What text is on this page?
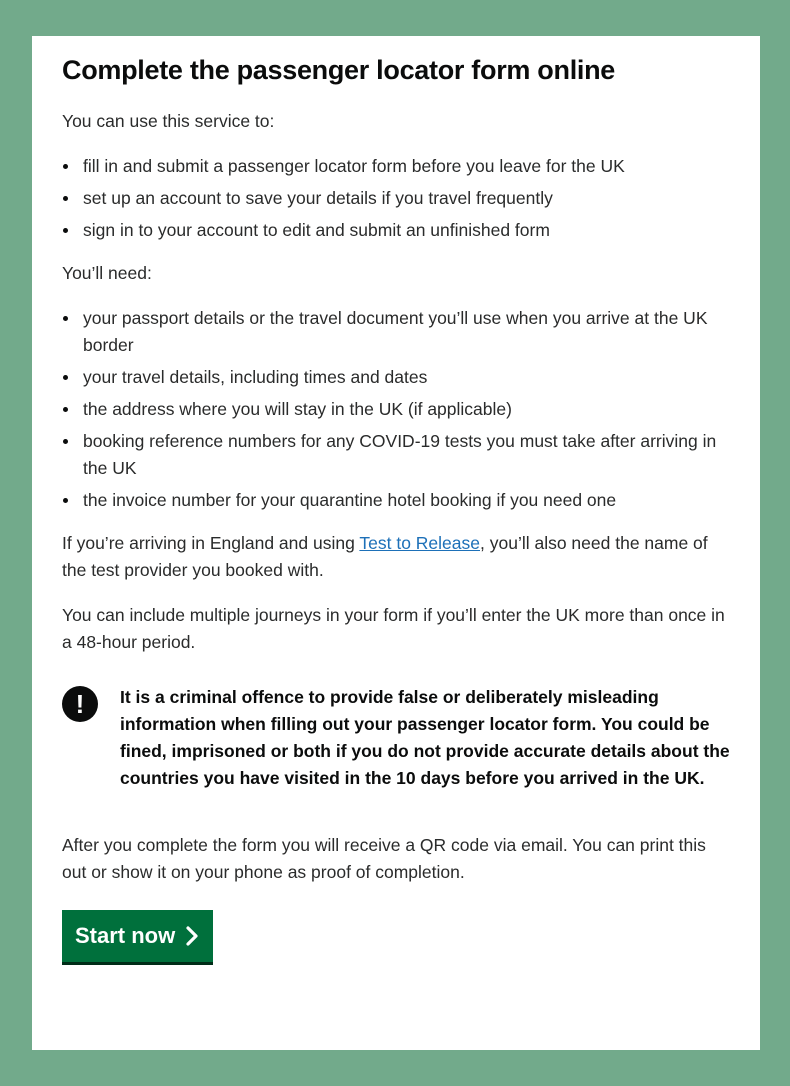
Complete the passenger locator form online

You can use this service to:

fill in and submit a passenger locator form before you leave for the UK
set up an account to save your details if you travel frequently
sign in to your account to edit and submit an unfinished form

You’ll need:

your passport details or the travel document you’ll use when you arrive at the UK border
your travel details, including times and dates
the address where you will stay in the UK (if applicable)
booking reference numbers for any COVID-19 tests you must take after arriving in the UK
the invoice number for your quarantine hotel booking if you need one

If you’re arriving in England and using Test to Release, you’ll also need the name of the test provider you booked with.

You can include multiple journeys in your form if you’ll enter the UK more than once in a 48-hour period.

!	It is a criminal offence to provide false or deliberately misleading information when filling out your passenger locator form. You could be fined, imprisoned or both if you do not provide accurate details about the countries you have visited in the 10 days before you arrived in the UK.

After you complete the form you will receive a QR code via email. You can print this out or show it on your phone as proof of completion.

Start now
